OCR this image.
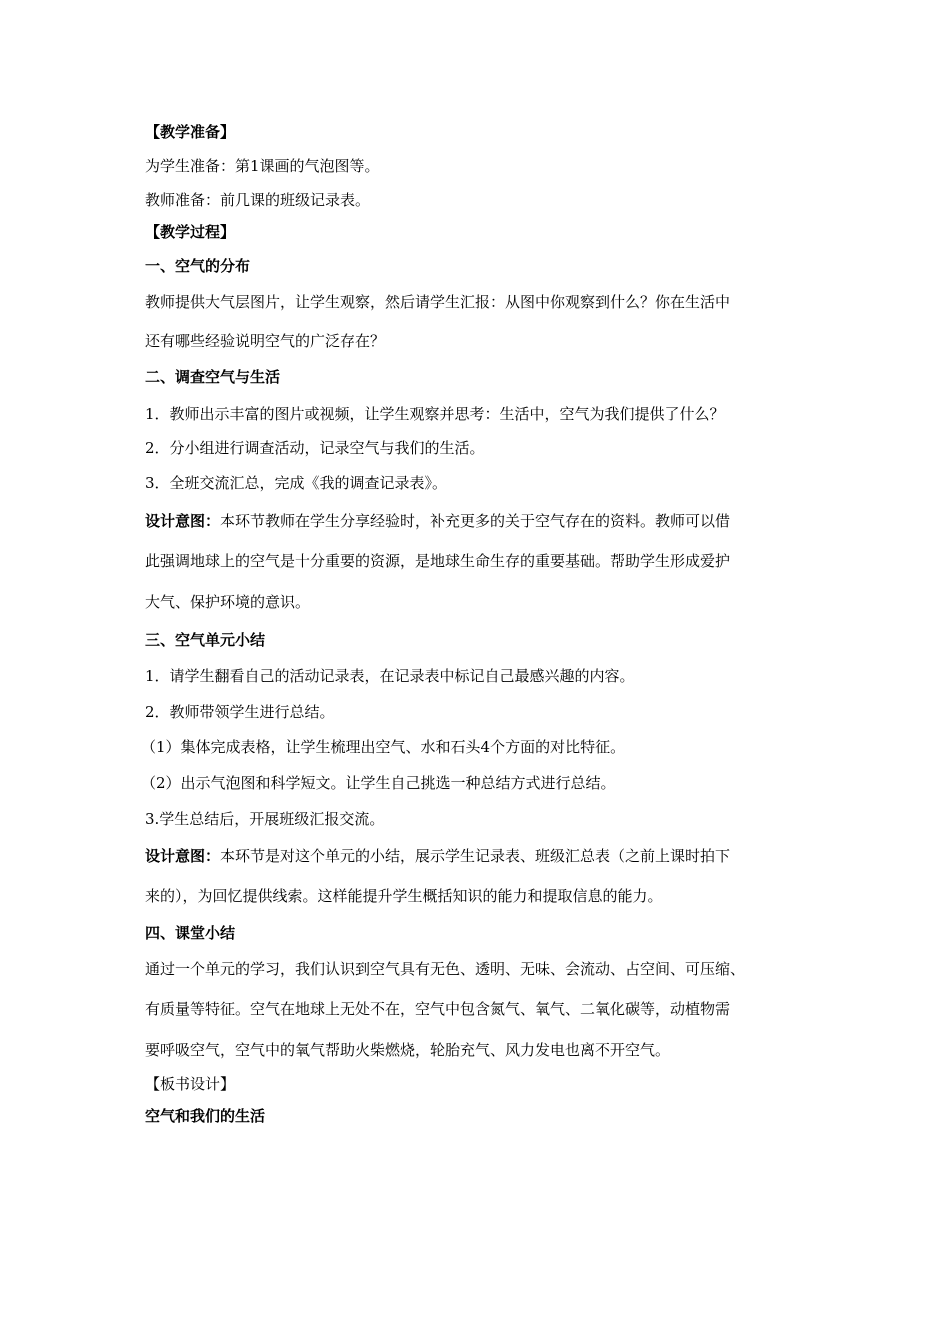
【教学准备】
为学生准备：第1课画的气泡图等。
教师准备：前几课的班级记录表。
【教学过程】
一、空气的分布
教师提供大气层图片，让学生观察，然后请学生汇报：从图中你观察到什么？你在生活中
还有哪些经验说明空气的广泛存在？
二、调查空气与生活
1．教师出示丰富的图片或视频，让学生观察并思考：生活中，空气为我们提供了什么？
2．分小组进行调查活动，记录空气与我们的生活。
3．全班交流汇总，完成《我的调查记录表》。
设计意图：本环节教师在学生分享经验时，补充更多的关于空气存在的资料。教师可以借
此强调地球上的空气是十分重要的资源，是地球生命生存的重要基础。帮助学生形成爱护
大气、保护环境的意识。
三、空气单元小结
1．请学生翻看自己的活动记录表，在记录表中标记自己最感兴趣的内容。
2．教师带领学生进行总结。
（1）集体完成表格，让学生梳理出空气、水和石头4个方面的对比特征。
（2）出示气泡图和科学短文。让学生自己挑选一种总结方式进行总结。
3.学生总结后，开展班级汇报交流。
设计意图：本环节是对这个单元的小结，展示学生记录表、班级汇总表（之前上课时拍下
来的），为回忆提供线索。这样能提升学生概括知识的能力和提取信息的能力。
四、课堂小结
通过一个单元的学习，我们认识到空气具有无色、透明、无味、会流动、占空间、可压缩、
有质量等特征。空气在地球上无处不在，空气中包含氮气、氧气、二氧化碳等，动植物需
要呼吸空气，空气中的氧气帮助火柴燃烧，轮胎充气、风力发电也离不开空气。
【板书设计】
空气和我们的生活
